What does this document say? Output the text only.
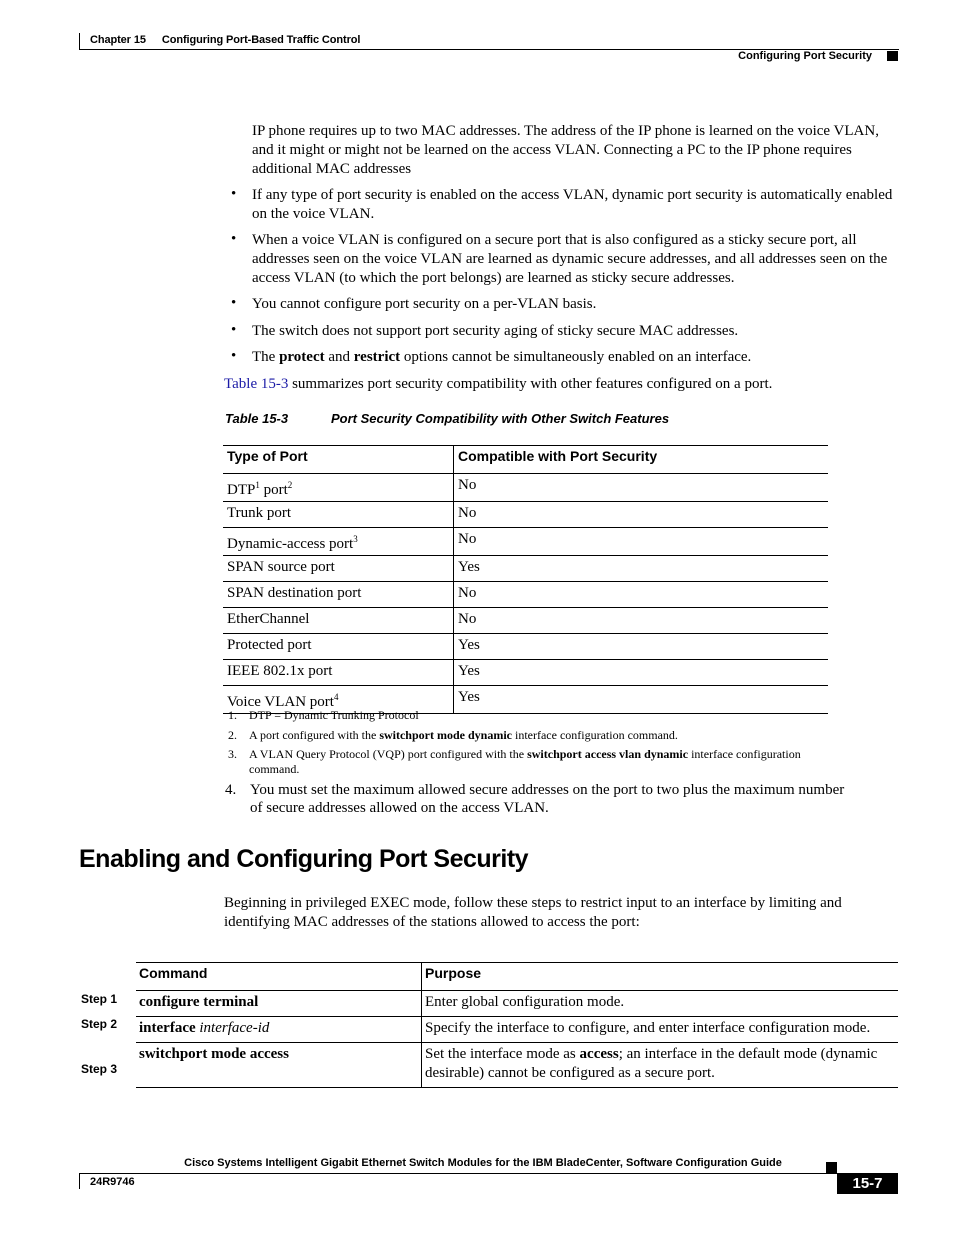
Chapter 15 Configuring Port-Based Traffic Control
Configuring Port Security
IP phone requires up to two MAC addresses. The address of the IP phone is learned on the voice VLAN, and it might or might not be learned on the access VLAN. Connecting a PC to the IP phone requires additional MAC addresses
• If any type of port security is enabled on the access VLAN, dynamic port security is automatically enabled on the voice VLAN.
• When a voice VLAN is configured on a secure port that is also configured as a sticky secure port, all addresses seen on the voice VLAN are learned as dynamic secure addresses, and all addresses seen on the access VLAN (to which the port belongs) are learned as sticky secure addresses.
• You cannot configure port security on a per-VLAN basis.
• The switch does not support port security aging of sticky secure MAC addresses.
• The protect and restrict options cannot be simultaneously enabled on an interface.
Table 15-3 summarizes port security compatibility with other features configured on a port.
Table 15-3	Port Security Compatibility with Other Switch Features
Type of Port	Compatible with Port Security
DTP$^1$ port$^2$	No
Trunk port	No
Dynamic-access port$^3$	No
SPAN source port	Yes
SPAN destination port	No
EtherChannel	No
Protected port	Yes
IEEE 802.1x port	Yes
Voice VLAN port$^4$	Yes
1. DTP = Dynamic Trunking Protocol
2. A port configured with the switchport mode dynamic interface configuration command.
3. A VLAN Query Protocol (VQP) port configured with the switchport access vlan dynamic interface configuration command.
4. You must set the maximum allowed secure addresses on the port to two plus the maximum number of secure addresses allowed on the access VLAN.
Enabling and Configuring Port Security
Beginning in privileged EXEC mode, follow these steps to restrict input to an interface by limiting and identifying MAC addresses of the stations allowed to access the port:
Step 1
Step 2
Step 3
Command	Purpose
configure terminal	Enter global configuration mode.
interface interface-id	Specify the interface to configure, and enter interface configuration mode.
switchport mode access	Set the interface mode as access; an interface in the default mode (dynamic desirable) cannot be configured as a secure port.
Cisco Systems Intelligent Gigabit Ethernet Switch Modules for the IBM BladeCenter, Software Configuration Guide
24R9746	15-7
